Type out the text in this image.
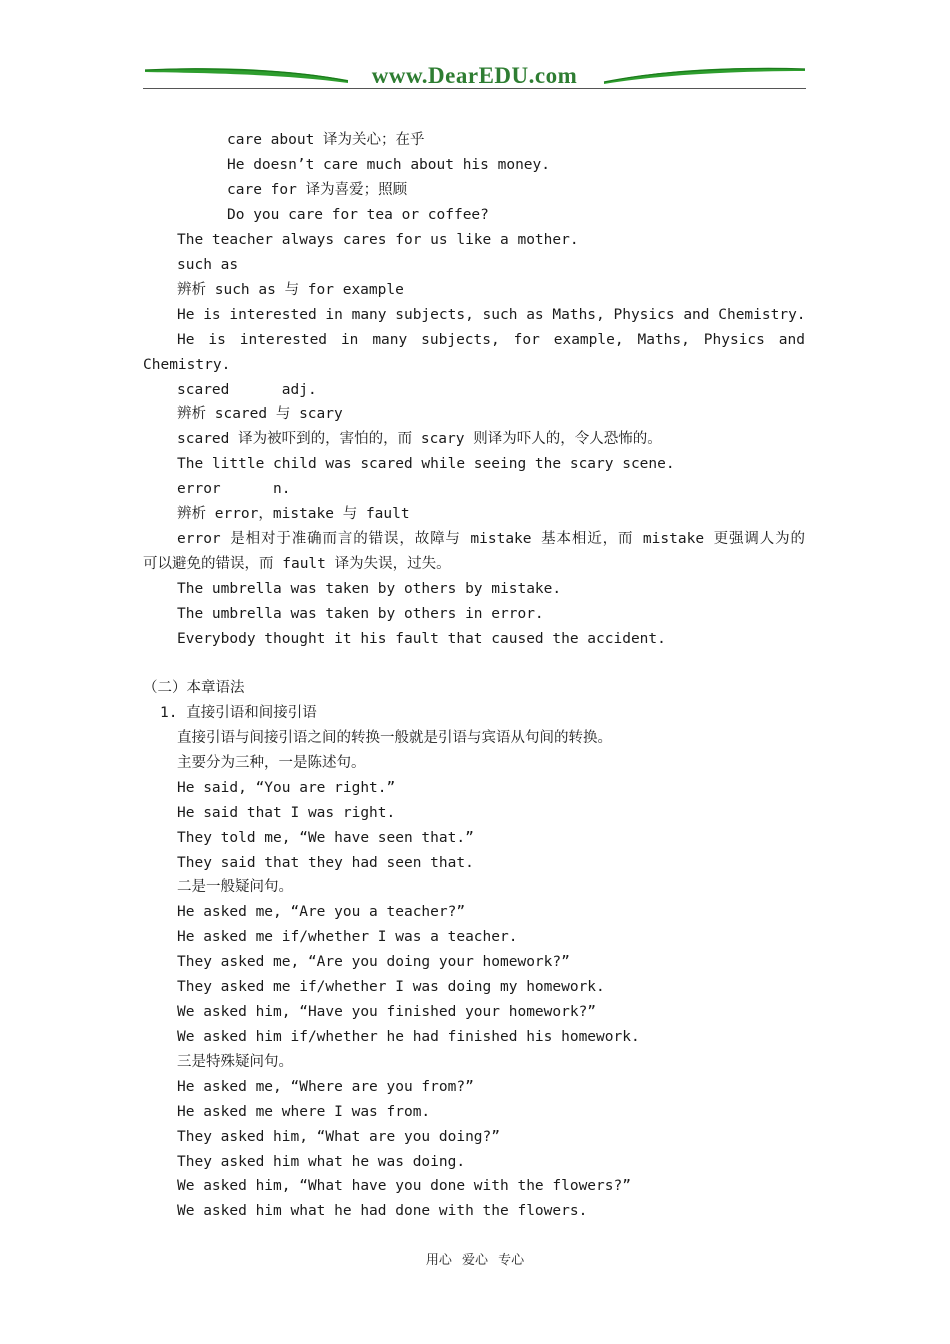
www.DearEDU.com
care about 译为关心；在乎
He doesn’t care much about his money.
care for 译为喜爱；照顾
Do you care for tea or coffee?
The teacher always cares for us like a mother.
such as
辨析 such as 与 for example
He is interested in many subjects, such as Maths, Physics and Chemistry.
He is interested in many subjects, for example, Maths, Physics and
Chemistry.
scared      adj.
辨析 scared 与 scary
scared 译为被吓到的，害怕的，而 scary 则译为吓人的，令人恐怖的。
The little child was scared while seeing the scary scene.
error      n.
辨析 error，mistake 与 fault
error 是相对于准确而言的错误，故障与 mistake 基本相近，而 mistake 更强调人为的
可以避免的错误，而 fault 译为失误，过失。
The umbrella was taken by others by mistake.
The umbrella was taken by others in error.
Everybody thought it his fault that caused the accident.
（二）本章语法
1. 直接引语和间接引语
直接引语与间接引语之间的转换一般就是引语与宾语从句间的转换。
主要分为三种，一是陈述句。
He said, “You are right.”
He said that I was right.
They told me, “We have seen that.”
They said that they had seen that.
二是一般疑问句。
He asked me, “Are you a teacher?”
He asked me if/whether I was a teacher.
They asked me, “Are you doing your homework?”
They asked me if/whether I was doing my homework.
We asked him, “Have you finished your homework?”
We asked him if/whether he had finished his homework.
三是特殊疑问句。
He asked me, “Where are you from?”
He asked me where I was from.
They asked him, “What are you doing?”
They asked him what he was doing.
We asked him, “What have you done with the flowers?”
We asked him what he had done with the flowers.
用心 爱心 专心
